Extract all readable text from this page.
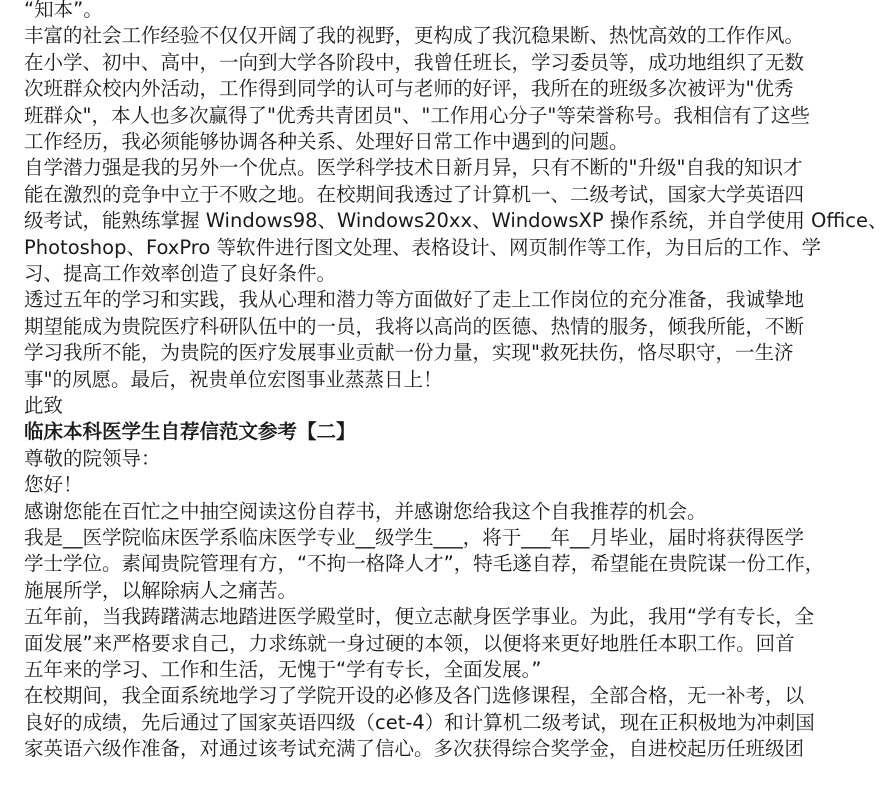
“知本”。
丰富的社会工作经验不仅仅开阔了我的视野，更构成了我沉稳果断、热忱高效的工作作风。
在小学、初中、高中，一向到大学各阶段中，我曾任班长，学习委员等，成功地组织了无数
次班群众校内外活动，工作得到同学的认可与老师的好评，我所在的班级多次被评为"优秀
班群众"，本人也多次赢得了"优秀共青团员"、"工作用心分子"等荣誉称号。我相信有了这些
工作经历，我必须能够协调各种关系、处理好日常工作中遇到的问题。
自学潜力强是我的另外一个优点。医学科学技术日新月异，只有不断的"升级"自我的知识才
能在激烈的竞争中立于不败之地。在校期间我透过了计算机一、二级考试，国家大学英语四
级考试，能熟练掌握 Windows98、Windows20xx、WindowsXP 操作系统，并自学使用 Office、
Photoshop、FoxPro 等软件进行图文处理、表格设计、网页制作等工作，为日后的工作、学
习、提高工作效率创造了良好条件。
透过五年的学习和实践，我从心理和潜力等方面做好了走上工作岗位的充分准备，我诚挚地
期望能成为贵院医疗科研队伍中的一员，我将以高尚的医德、热情的服务，倾我所能，不断
学习我所不能，为贵院的医疗发展事业贡献一份力量，实现"救死扶伤，恪尽职守，一生济
事"的夙愿。最后，祝贵单位宏图事业蒸蒸日上！
此致
临床本科医学生自荐信范文参考【二】
尊敬的院领导：
您好！
感谢您能在百忙之中抽空阅读这份自荐书，并感谢您给我这个自我推荐的机会。
我是__医学院临床医学系临床医学专业__级学生___，将于___年__月毕业，届时将获得医学
学士学位。素闻贵院管理有方，“不拘一格降人才”，特毛遂自荐，希望能在贵院谋一份工作，
施展所学，以解除病人之痛苦。
五年前，当我踌躇满志地踏进医学殿堂时，便立志献身医学事业。为此，我用“学有专长，全
面发展”来严格要求自己，力求练就一身过硬的本领，以便将来更好地胜任本职工作。回首
五年来的学习、工作和生活，无愧于“学有专长，全面发展。”
在校期间，我全面系统地学习了学院开设的必修及各门选修课程，全部合格，无一补考，以
良好的成绩，先后通过了国家英语四级（cet-4）和计算机二级考试，现在正积极地为冲刺国
家英语六级作准备，对通过该考试充满了信心。多次获得综合奖学金，自进校起历任班级团
